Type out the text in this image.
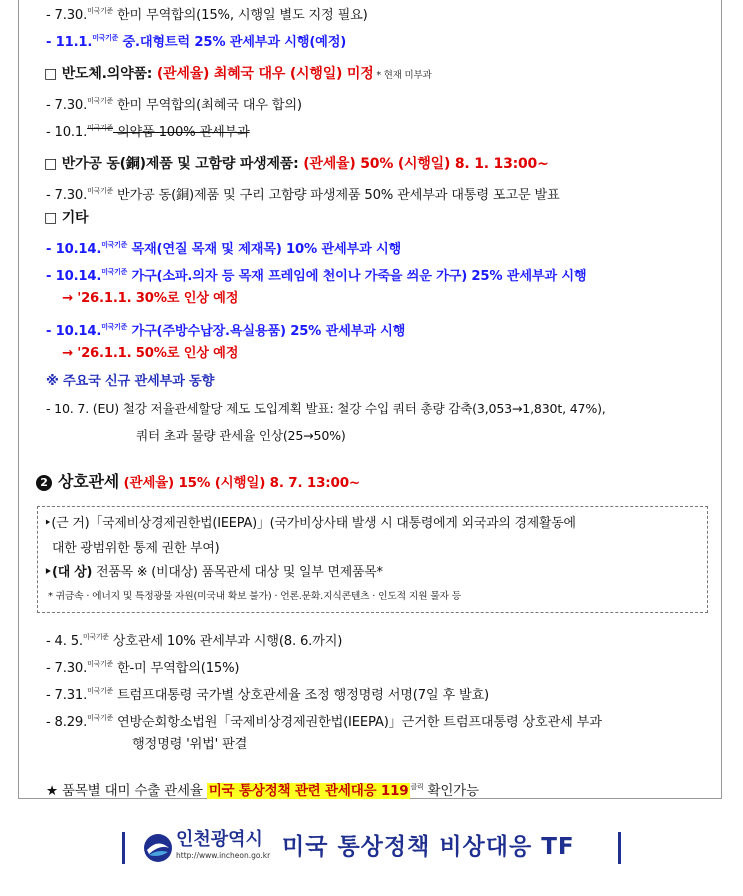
- 7.30.$^{미국기준}$ 한미 무역합의(15%, 시행일 별도 지정 필요)
- 11.1.$^{미국기준}$ 중.대형트럭 25% 관세부과 시행(예정)
□ 반도체.의약품: (관세율) 최혜국 대우 (시행일) 미정 * 현재 미부과
- 7.30.$^{미국기준}$ 한미 무역합의(최혜국 대우 합의)
- 10.1.$^{미국기준}$ 의약품 100% 관세부과
□ 반가공 동(銅)제품 및 고함량 파생제품: (관세율) 50% (시행일) 8. 1. 13:00~
- 7.30.$^{미국기준}$ 반가공 동(銅)제품 및 구리 고함량 파생제품 50% 관세부과 대통령 포고문 발표
□ 기타
- 10.14.$^{미국기준}$ 목재(연질 목재 및 제재목) 10% 관세부과 시행
- 10.14.$^{미국기준}$ 가구(소파.의자 등 목재 프레임에 천이나 가죽을 씌운 가구) 25% 관세부과 시행
→ '26.1.1. 30%로 인상 예정
- 10.14.$^{미국기준}$ 가구(주방수납장.욕실용품) 25% 관세부과 시행
→ '26.1.1. 50%로 인상 예정
※ 주요국 신규 관세부과 동향
- 10. 7. (EU) 철강 저율관세할당 제도 도입계획 발표: 철강 수입 쿼터 총량 감축(3,053→1,830t, 47%),
쿼터 초과 물량 관세율 인상(25→50%)
2 상호관세 (관세율) 15% (시행일) 8. 7. 13:00~
‣(근 거)「국제비상경제권한법(IEEPA)」(국가비상사태 발생 시 대통령에게 외국과의 경제활동에
대한 광범위한 통제 권한 부여)
‣(대 상) 전품목 ※ (비대상) 품목관세 대상 및 일부 면제품목*
* 귀금속 · 에너지 및 특정광물 자원(미국내 확보 불가) · 언론.문화.지식콘텐츠 · 인도적 지원 물자 등
- 4. 5.$^{미국기준}$ 상호관세 10% 관세부과 시행(8. 6.까지)
- 7.30.$^{미국기준}$ 한-미 무역합의(15%)
- 7.31.$^{미국기준}$ 트럼프대통령 국가별 상호관세율 조정 행정명령 서명(7일 후 발효)
- 8.29.$^{미국기준}$ 연방순회항소법원「국제비상경제권한법(IEEPA)」근거한 트럼프대통령 상호관세 부과
행정명령 '위법' 판결
★ 품목별 대미 수출 관세율 미국 통상정책 관련 관세대응 119 $^{클릭}$ 확인가능
인천광역시
http://www.incheon.go.kr 미국 통상정책 비상대응 TF
